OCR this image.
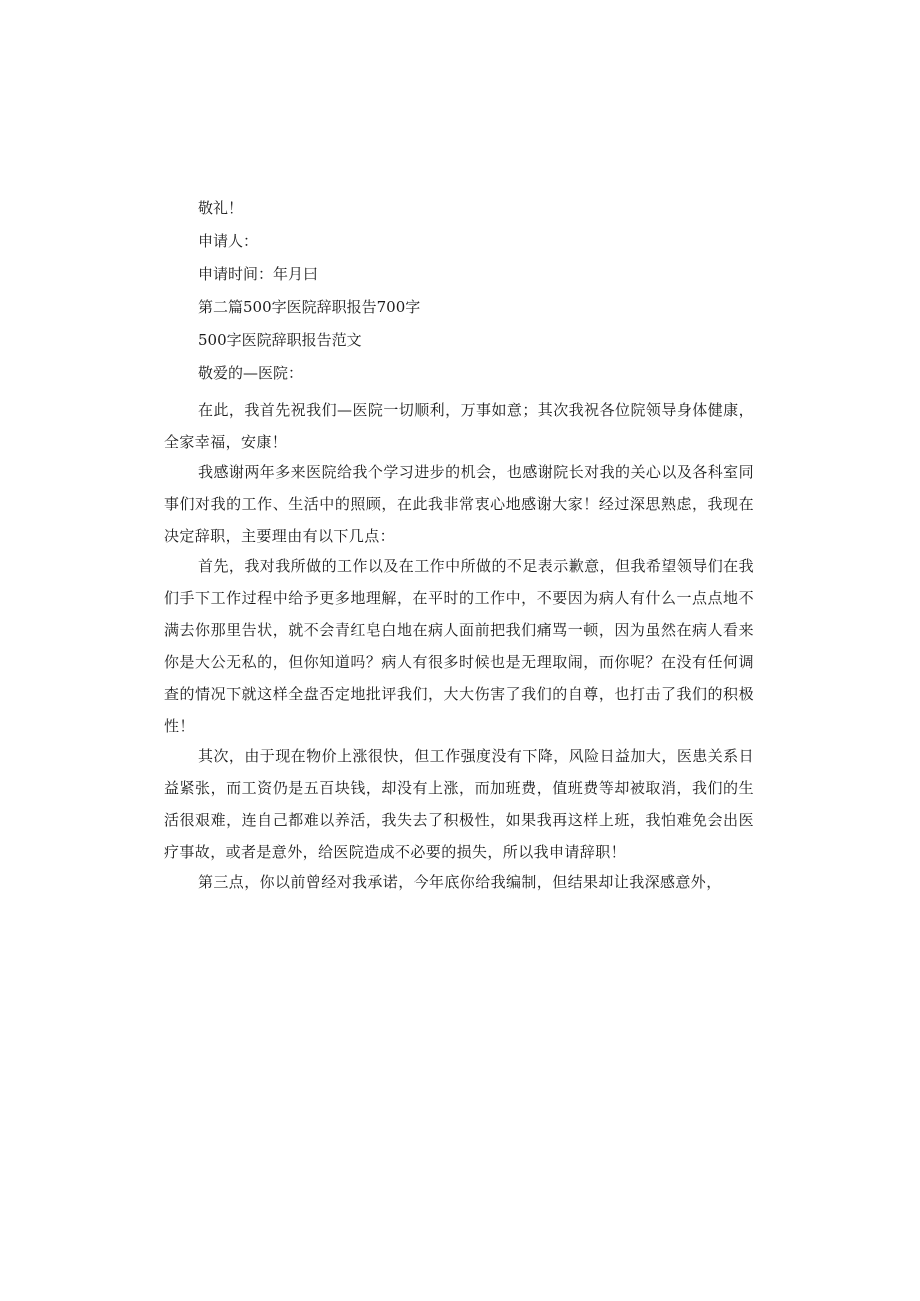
敬礼！
申请人：
申请时间：年月曰
第二篇500字医院辞职报告700字
500字医院辞职报告范文
敬爱的—医院：

在此，我首先祝我们—医院一切顺利，万事如意；其次我祝各位院领导身体健康，全家幸福，安康！

我感谢两年多来医院给我个学习进步的机会，也感谢院长对我的关心以及各科室同事们对我的工作、生活中的照顾，在此我非常衷心地感谢大家！经过深思熟虑，我现在决定辞职，主要理由有以下几点：

首先，我对我所做的工作以及在工作中所做的不足表示歉意，但我希望领导们在我们手下工作过程中给予更多地理解，在平时的工作中，不要因为病人有什么一点点地不满去你那里告状，就不会青红皂白地在病人面前把我们痛骂一顿，因为虽然在病人看来你是大公无私的，但你知道吗？病人有很多时候也是无理取闹，而你呢？在没有任何调查的情况下就这样全盘否定地批评我们，大大伤害了我们的自尊，也打击了我们的积极性！

其次，由于现在物价上涨很快，但工作强度没有下降，风险日益加大，医患关系日益紧张，而工资仍是五百块钱，却没有上涨，而加班费，值班费等却被取消，我们的生活很艰难，连自己都难以养活，我失去了积极性，如果我再这样上班，我怕难免会出医疗事故，或者是意外，给医院造成不必要的损失，所以我申请辞职！

第三点，你以前曾经对我承诺，今年底你给我编制，但结果却让我深感意外，
